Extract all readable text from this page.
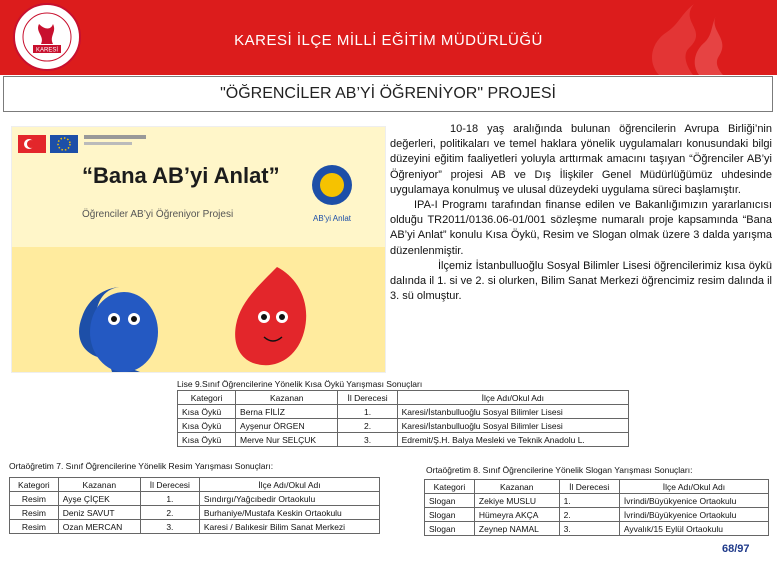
KARESİ İLÇE MİLLİ EĞİTİM MÜDÜRLÜĞÜ
KARESİ
"ÖĞRENCİLER AB’Yİ ÖĞRENİYOR" PROJESİ
“Bana AB’yi Anlat”
AB'yi Anlat
Öğrenciler AB’yi Öğreniyor Projesi

10-18 yaş aralığında bulunan öğrencilerin Avrupa Birliği’nin değerleri, politikaları ve temel haklara yönelik uygulamaları konusundaki bilgi düzeyini eğitim faaliyetleri yoluyla arttırmak amacını taşıyan “Öğrenciler AB’yi Öğreniyor” projesi AB ve Dış İlişkiler Genel Müdürlüğümüz uhdesinde uygulamaya konulmuş ve ulusal düzeydeki uygulama süreci başlamıştır.

IPA-I Programı tarafından finanse edilen ve Bakanlığımızın yararlanıcısı olduğu TR2011/0136.06-01/001 sözleşme numaralı proje kapsamında “Bana AB’yi Anlat” konulu Kısa Öykü, Resim ve Slogan olmak üzere 3 dalda yarışma düzenlenmiştir.

İlçemiz İstanbulluoğlu Sosyal Bilimler Lisesi öğrencilerimiz kısa öykü dalında il 1. si ve 2. si olurken, Bilim Sanat Merkezi öğrencimiz resim dalında il 3. sü olmuştur.

Lise 9.Sınıf Öğrencilerine Yönelik Kısa Öykü Yarışması Sonuçları
Kategori	Kazanan	İl Derecesi	İlçe Adı/Okul Adı
Kısa Öykü	Berna FİLİZ	1.	Karesi/İstanbulluoğlu Sosyal Bilimler Lisesi
Kısa Öykü	Ayşenur ÖRGEN	2.	Karesi/İstanbulluoğlu Sosyal Bilimler Lisesi
Kısa Öykü	Merve Nur SELÇUK	3.	Edremit/Ş.H. Balya Mesleki ve Teknik Anadolu L.
Ortaöğretim 7. Sınıf Öğrencilerine Yönelik Resim Yarışması Sonuçları:
Kategori	Kazanan	İl Derecesi	İlçe Adı/Okul Adı
Resim	Ayşe ÇİÇEK	1.	Sındırgı/Yağcıbedir Ortaokulu
Resim	Deniz SAVUT	2.	Burhaniye/Mustafa Keskin Ortaokulu
Resim	Ozan MERCAN	3.	Karesi / Balıkesir Bilim Sanat Merkezi
Ortaöğretim 8. Sınıf Öğrencilerine Yönelik Slogan Yarışması Sonuçları:
Kategori	Kazanan	İl Derecesi	İlçe Adı/Okul Adı
Slogan	Zekiye MUSLU	1.	İvrindi/Büyükyenice Ortaokulu
Slogan	Hümeyra AKÇA	2.	İvrindi/Büyükyenice Ortaokulu
Slogan	Zeynep NAMAL	3.	Ayvalık/15 Eylül Ortaokulu
68/97
